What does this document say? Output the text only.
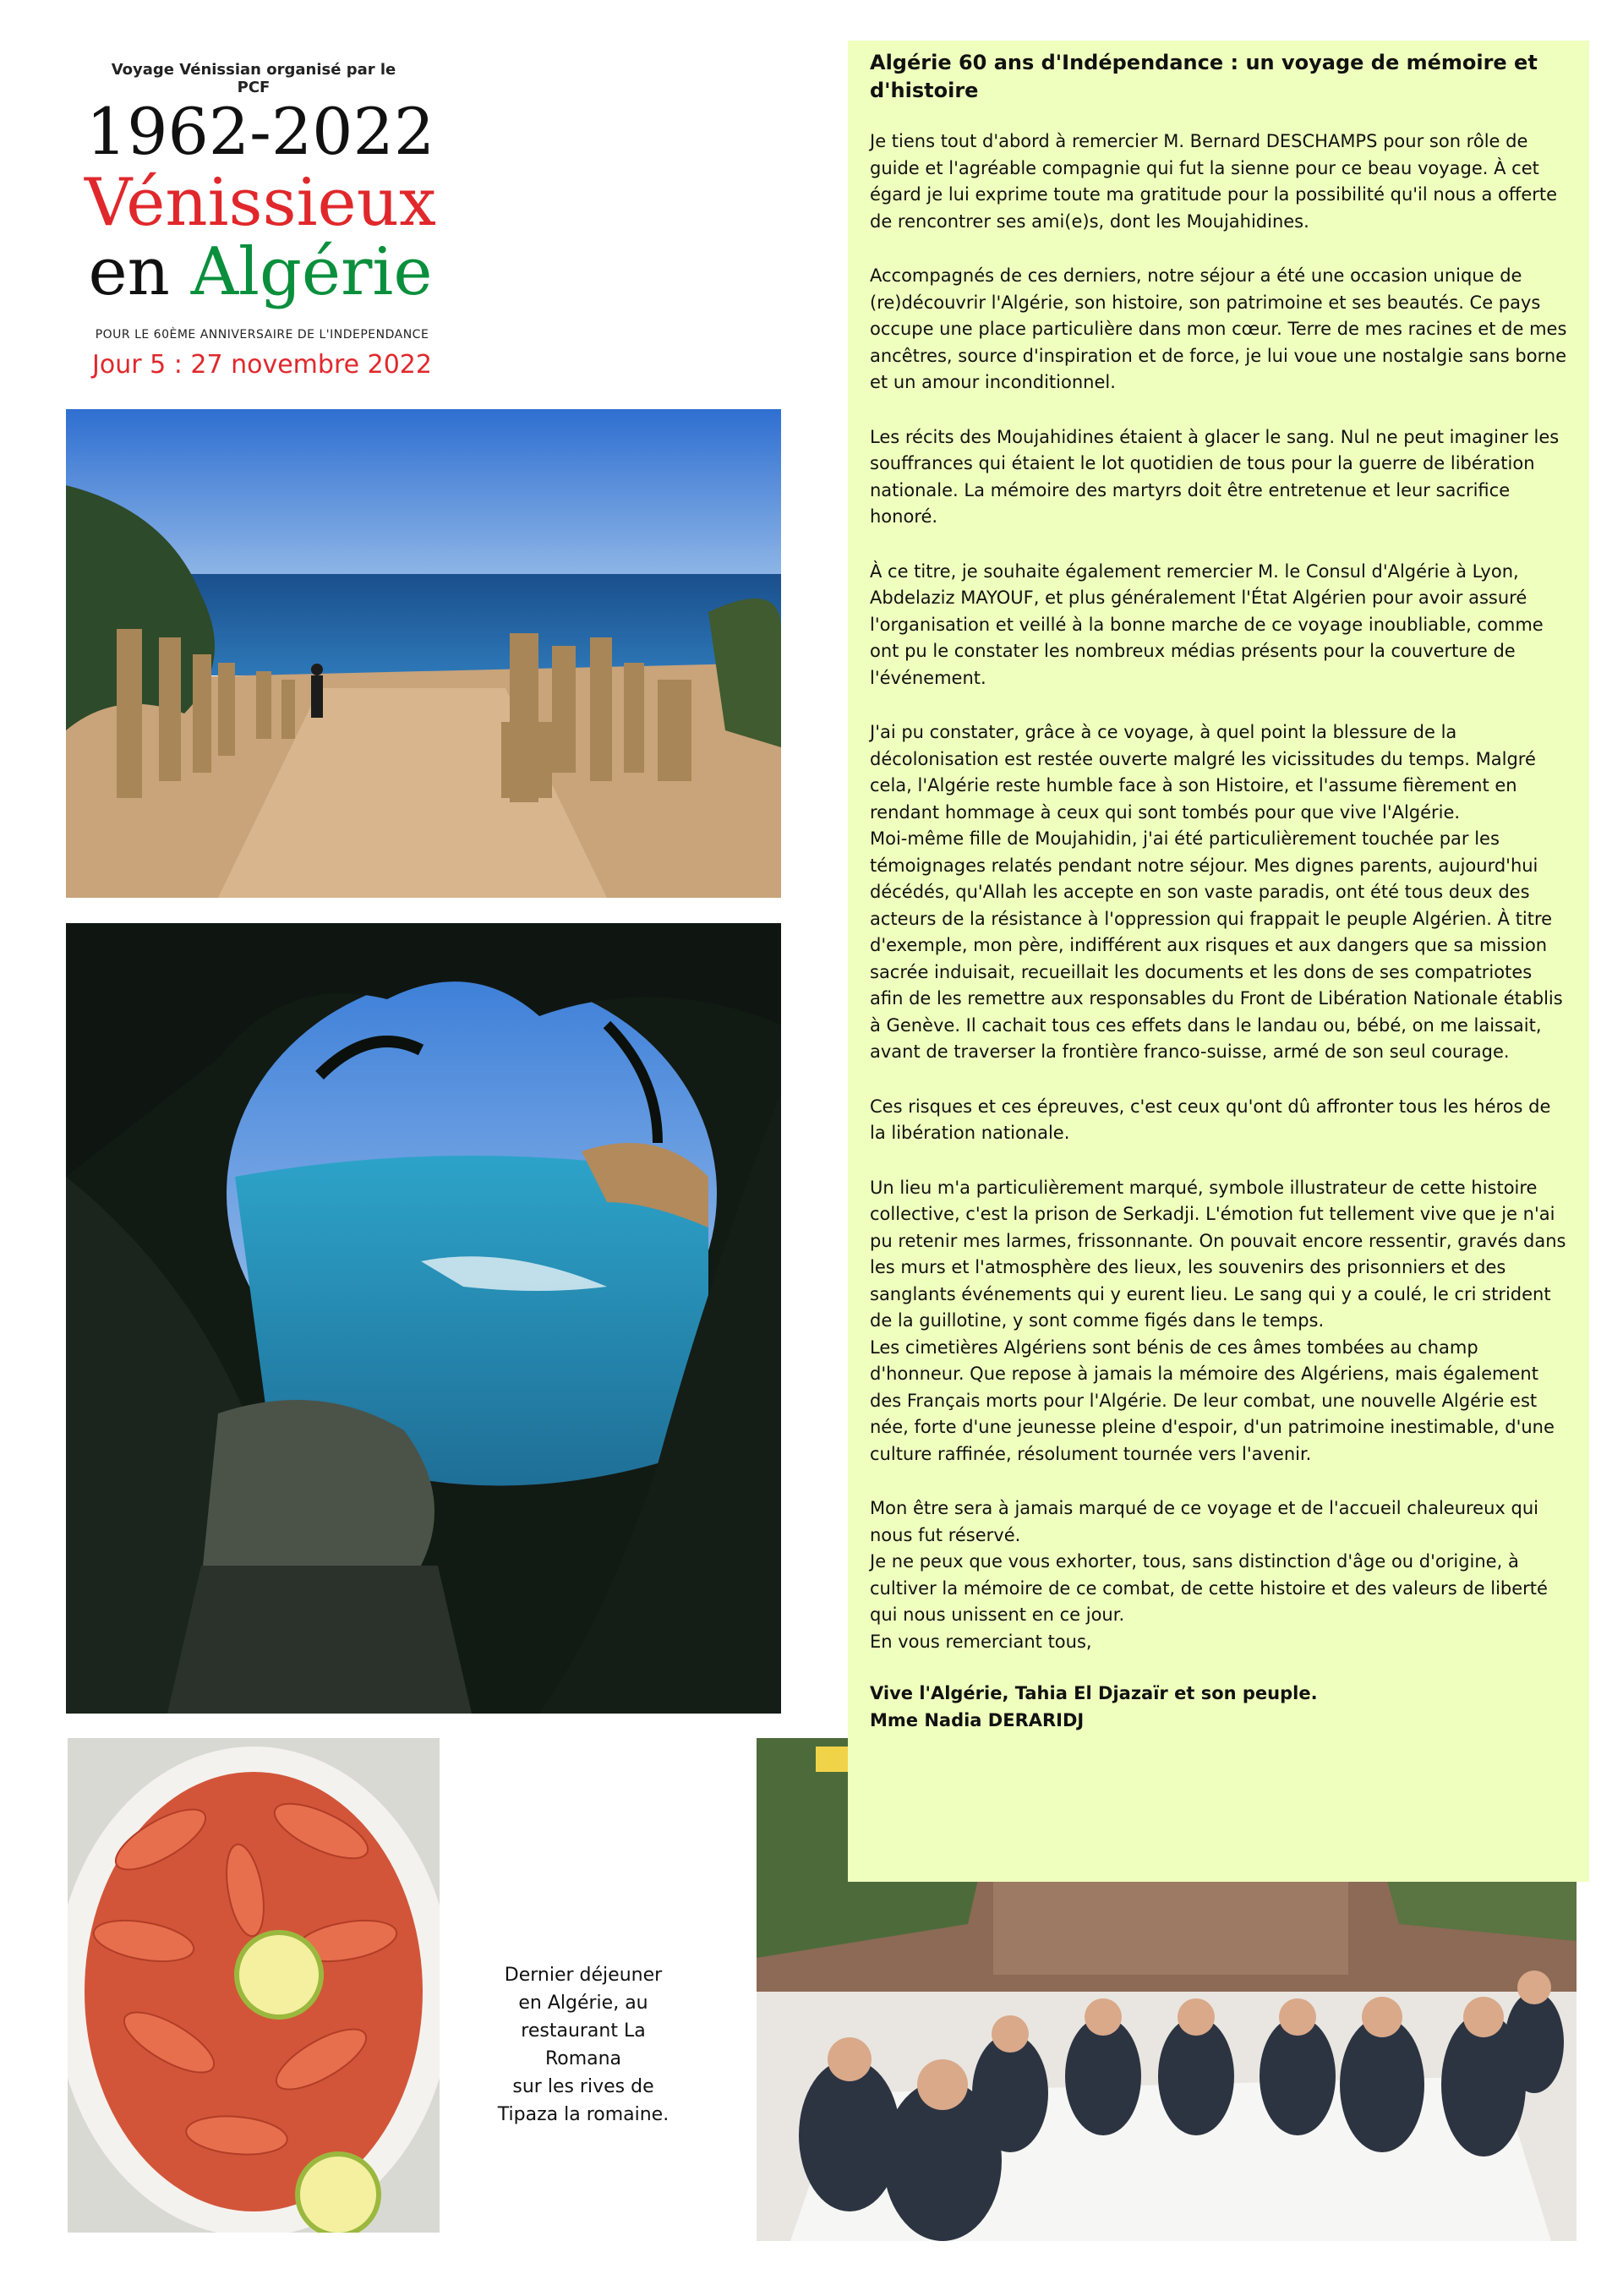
Voyage Vénissian organisé par le PCF
1962-2022
Vénissieux
en Algérie
POUR LE 60ÈME ANNIVERSAIRE DE L'INDEPENDANCE
Jour 5 : 27 novembre 2022
Dernier déjeuner
en Algérie, au
restaurant La
Romana
sur les rives de
Tipaza la romaine.
Algérie 60 ans d'Indépendance : un voyage de mémoire et d'histoire

Je tiens tout d'abord à remercier M. Bernard DESCHAMPS pour son rôle de guide et l'agréable compagnie qui fut la sienne pour ce beau voyage. À cet égard je lui exprime toute ma gratitude pour la possibilité qu'il nous a offerte de rencontrer ses ami(e)s, dont les Moujahidines.

Accompagnés de ces derniers, notre séjour a été une occasion unique de (re)découvrir l'Algérie, son histoire, son patrimoine et ses beautés. Ce pays occupe une place particulière dans mon cœur. Terre de mes racines et de mes ancêtres, source d'inspiration et de force, je lui voue une nostalgie sans borne et un amour inconditionnel.

Les récits des Moujahidines étaient à glacer le sang. Nul ne peut imaginer les souffrances qui étaient le lot quotidien de tous pour la guerre de libération nationale. La mémoire des martyrs doit être entretenue et leur sacrifice honoré.

À ce titre, je souhaite également remercier M. le Consul d'Algérie à Lyon, Abdelaziz MAYOUF, et plus généralement l'État Algérien pour avoir assuré l'organisation et veillé à la bonne marche de ce voyage inoubliable, comme ont pu le constater les nombreux médias présents pour la couverture de l'événement.

J'ai pu constater, grâce à ce voyage, à quel point la blessure de la décolonisation est restée ouverte malgré les vicissitudes du temps. Malgré cela, l'Algérie reste humble face à son Histoire, et l'assume fièrement en rendant hommage à ceux qui sont tombés pour que vive l'Algérie.

Moi-même fille de Moujahidin, j'ai été particulièrement touchée par les témoignages relatés pendant notre séjour. Mes dignes parents, aujourd'hui décédés, qu'Allah les accepte en son vaste paradis, ont été tous deux des acteurs de la résistance à l'oppression qui frappait le peuple Algérien. À titre d'exemple, mon père, indifférent aux risques et aux dangers que sa mission sacrée induisait, recueillait les documents et les dons de ses compatriotes afin de les remettre aux responsables du Front de Libération Nationale établis à Genève. Il cachait tous ces effets dans le landau ou, bébé, on me laissait, avant de traverser la frontière franco-suisse, armé de son seul courage.

Ces risques et ces épreuves, c'est ceux qu'ont dû affronter tous les héros de la libération nationale.

Un lieu m'a particulièrement marqué, symbole illustrateur de cette histoire collective, c'est la prison de Serkadji. L'émotion fut tellement vive que je n'ai pu retenir mes larmes, frissonnante. On pouvait encore ressentir, gravés dans les murs et l'atmosphère des lieux, les souvenirs des prisonniers et des sanglants événements qui y eurent lieu. Le sang qui y a coulé, le cri strident de la guillotine, y sont comme figés dans le temps.

Les cimetières Algériens sont bénis de ces âmes tombées au champ d'honneur. Que repose à jamais la mémoire des Algériens, mais également des Français morts pour l'Algérie. De leur combat, une nouvelle Algérie est née, forte d'une jeunesse pleine d'espoir, d'un patrimoine inestimable, d'une culture raffinée, résolument tournée vers l'avenir.

Mon être sera à jamais marqué de ce voyage et de l'accueil chaleureux qui nous fut réservé.

Je ne peux que vous exhorter, tous, sans distinction d'âge ou d'origine, à cultiver la mémoire de ce combat, de cette histoire et des valeurs de liberté qui nous unissent en ce jour.

En vous remerciant tous,

Vive l'Algérie, Tahia El Djazaïr et son peuple.
Mme Nadia DERARIDJ
